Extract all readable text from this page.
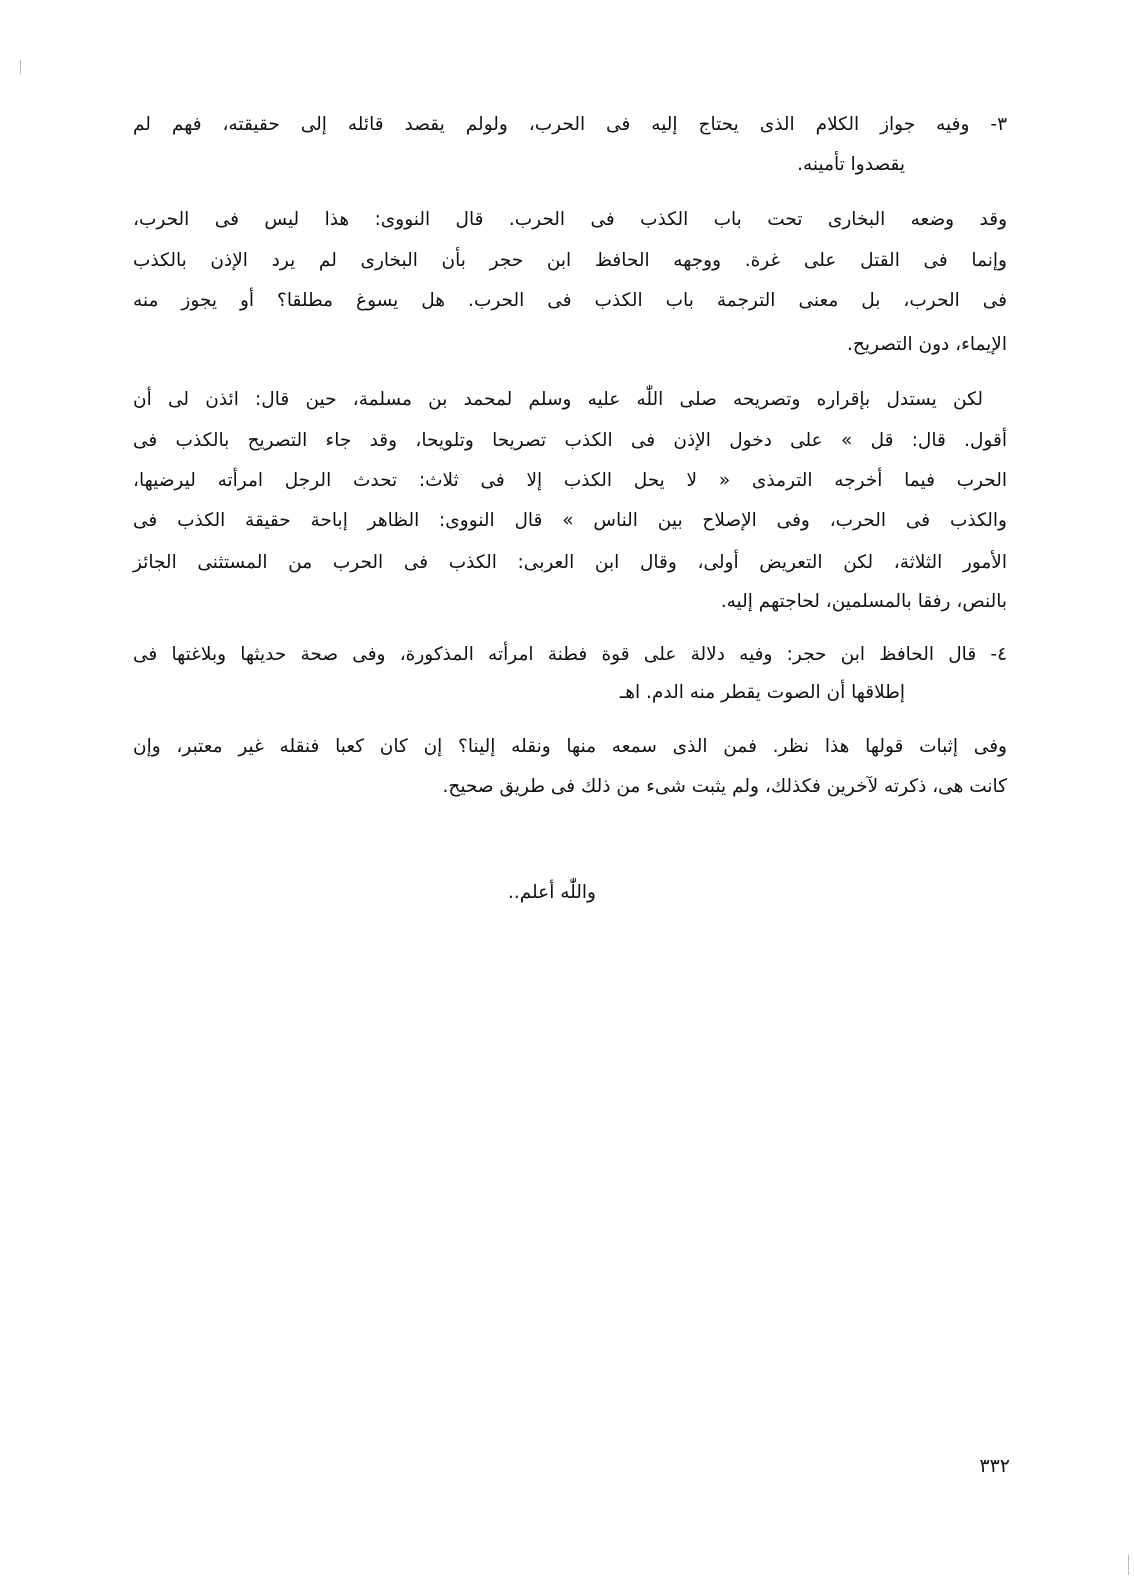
٣- وفيه جواز الكلام الذى يحتاج إليه فى الحرب، ولولم يقصد قائله إلى حقيقته، فهم لم
يقصدوا تأمينه.
وقد وضعه البخارى تحت باب الكذب فى الحرب. قال النووى: هذا ليس فى الحرب،
وإنما فى القتل على غرة. ووجهه الحافظ ابن حجر بأن البخارى لم يرد الإذن بالكذب
فى الحرب، بل معنى الترجمة باب الكذب فى الحرب. هل يسوغ مطلقا؟ أو يجوز منه
الإيماء، دون التصريح.
لكن يستدل بإقراره وتصريحه صلى اللّٰه عليه وسلم لمحمد بن مسلمة، حين قال: ائذن لى أن
أقول. قال: قل » على دخول الإذن فى الكذب تصريحا وتلويحا، وقد جاء التصريح بالكذب فى
الحرب فيما أخرجه الترمذى « لا يحل الكذب إلا فى ثلاث: تحدث الرجل امرأته ليرضيها،
والكذب فى الحرب، وفى الإصلاح بين الناس » قال النووى: الظاهر إباحة حقيقة الكذب فى
الأمور الثلاثة، لكن التعريض أولى، وقال ابن العربى: الكذب فى الحرب من المستثنى الجائز
بالنص، رفقا بالمسلمين، لحاجتهم إليه.
٤- قال الحافظ ابن حجر: وفيه دلالة على قوة فطنة امرأته المذكورة، وفى صحة حديثها وبلاغتها فى
إطلاقها أن الصوت يقطر منه الدم. اهـ
وفى إثبات قولها هذا نظر. فمن الذى سمعه منها ونقله إلينا؟ إن كان كعبا فنقله غير معتبر، وإن
كانت هى، ذكرته لآخرين فكذلك، ولم يثبت شىء من ذلك فى طريق صحيح.
واللّٰه أعلم..
٣٣٢
